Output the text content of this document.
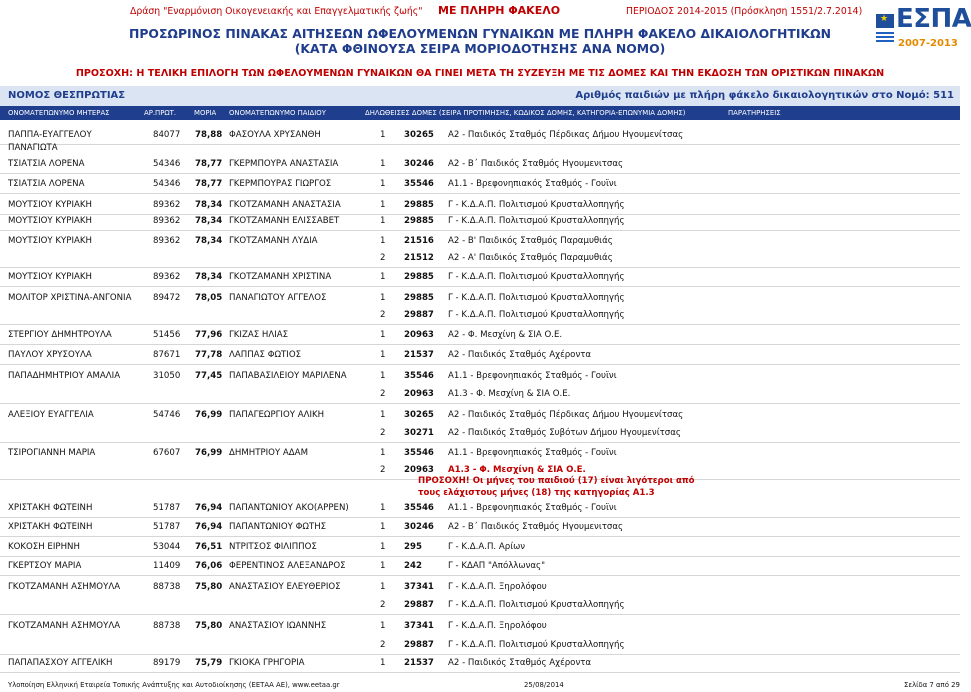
Δράση "Εναρμόνιση Οικογενειακής και Επαγγελματικής ζωής" ΜΕ ΠΛΗΡΗ ΦΑΚΕΛΟ	ΠΕΡΙΟΔΟΣ 2014-2015 (Πρόσκληση 1551/2.7.2014)
★ ΕΣΠΑ
2007-2013
ΠΡΟΣΩΡΙΝΟΣ ΠΙΝΑΚΑΣ ΑΙΤΗΣΕΩΝ ΩΦΕΛΟΥΜΕΝΩΝ ΓΥΝΑΙΚΩΝ ΜΕ ΠΛΗΡΗ ΦΑΚΕΛΟ ΔΙΚΑΙΟΛΟΓΗΤΙΚΩΝ
(ΚΑΤΑ ΦΘΙΝΟΥΣΑ ΣΕΙΡΑ ΜΟΡΙΟΔΟΤΗΣΗΣ ΑΝΑ ΝΟΜΟ)
ΠΡΟΣΟΧΗ: Η ΤΕΛΙΚΗ ΕΠΙΛΟΓΗ ΤΩΝ ΩΦΕΛΟΥΜΕΝΩΝ ΓΥΝΑΙΚΩΝ ΘΑ ΓΙΝΕΙ ΜΕΤΑ ΤΗ ΣΥΖΕΥΞΗ ΜΕ ΤΙΣ ΔΟΜΕΣ ΚΑΙ ΤΗΝ ΕΚΔΟΣΗ ΤΩΝ ΟΡΙΣΤΙΚΩΝ ΠΙΝΑΚΩΝ
ΝΟΜΟΣ ΘΕΣΠΡΩΤΙΑΣ	Αριθμός παιδιών με πλήρη φάκελο δικαιολογητικών στο Νομό: 511
ΟΝΟΜΑΤΕΠΩΝΥΜΟ ΜΗΤΕΡΑΣ	ΑΡ.ΠΡΩΤ.	ΜΟΡΙΑ ΟΝΟΜΑΤΕΠΩΝΥΜΟ ΠΑΙΔΙΟΥ	ΔΗΛΩΘΕΙΣΕΣ ΔΟΜΕΣ (ΣΕΙΡΑ ΠΡΟΤΙΜΗΣΗΣ, ΚΩΔΙΚΟΣ ΔΟΜΗΣ, ΚΑΤΗΓΟΡΙΑ-ΕΠΩΝΥΜΙΑ ΔΟΜΗΣ)	ΠΑΡΑΤΗΡΗΣΕΙΣ
ΠΑΠΠΑ-ΕΥΑΓΓΕΛΟΥ	84077 78,88 ΦΑΣΟΥΛΑ ΧΡΥΣΑΝΘΗ	1 30265 Α2 - Παιδικός Σταθμός Πέρδικας Δήμου Ηγουμενίτσας
ΠΑΝΑΓΙΩΤΑ
ΤΣΙΑΤΣΙΑ ΛΟΡΕΝΑ	54346 78,77 ΓΚΕΡΜΠΟΥΡΑ ΑΝΑΣΤΑΣΙΑ	1 30246 Α2 - Β΄ Παιδικός Σταθμός Ηγουμενιτσας
ΤΣΙΑΤΣΙΑ ΛΟΡΕΝΑ	54346 78,77 ΓΚΕΡΜΠΟΥΡΑΣ ΓΙΩΡΓΟΣ	1 35546 Α1.1 - Βρεφονηπιακός Σταθμός - Γουϊνι
ΜΟΥΤΣΙΟΥ ΚΥΡΙΑΚΗ	89362 78,34 ΓΚΟΤΖΑΜΑΝΗ ΑΝΑΣΤΑΣΙΑ	1 29885 Γ - Κ.Δ.Α.Π. Πολιτισμού Κρυσταλλοπηγής
ΜΟΥΤΣΙΟΥ ΚΥΡΙΑΚΗ	89362 78,34 ΓΚΟΤΖΑΜΑΝΗ ΕΛΙΣΣΑΒΕΤ	1 29885 Γ - Κ.Δ.Α.Π. Πολιτισμού Κρυσταλλοπηγής
ΜΟΥΤΣΙΟΥ ΚΥΡΙΑΚΗ	89362 78,34 ΓΚΟΤΖΑΜΑΝΗ ΛΥΔΙΑ	1 21516 Α2 - Β' Παιδικός Σταθμός Παραμυθιάς
2 21512 Α2 - Α' Παιδικός Σταθμός Παραμυθιάς
ΜΟΥΤΣΙΟΥ ΚΥΡΙΑΚΗ	89362 78,34 ΓΚΟΤΖΑΜΑΝΗ ΧΡΙΣΤΙΝΑ	1 29885 Γ - Κ.Δ.Α.Π. Πολιτισμού Κρυσταλλοπηγής
ΜΟΛΙΤΟΡ ΧΡΙΣΤΙΝΑ-ΑΝΓΟΝΙΑ	89472 78,05 ΠΑΝΑΓΙΩΤΟΥ ΑΓΓΕΛΟΣ	1 29885 Γ - Κ.Δ.Α.Π. Πολιτισμού Κρυσταλλοπηγής
2 29887 Γ - Κ.Δ.Α.Π. Πολιτισμού Κρυσταλλοπηγής
ΣΤΕΡΓΙΟΥ ΔΗΜΗΤΡΟΥΛΑ	51456 77,96 ΓΚΙΖΑΣ ΗΛΙΑΣ	1 20963 Α2 - Φ. Μεσχίνη & ΣΙΑ Ο.Ε.
ΠΑΥΛΟΥ ΧΡΥΣΟΥΛΑ	87671 77,78 ΛΑΠΠΑΣ ΦΩΤΙΟΣ	1 21537 Α2 - Παιδικός Σταθμός Αχέροντα
ΠΑΠΑΔΗΜΗΤΡΙΟΥ ΑΜΑΛΙΑ	31050 77,45 ΠΑΠΑΒΑΣΙΛΕΙΟΥ ΜΑΡΙΛΕΝΑ	1 35546 Α1.1 - Βρεφονηπιακός Σταθμός - Γουϊνι
2 20963 Α1.3 - Φ. Μεσχίνη & ΣΙΑ Ο.Ε.
ΑΛΕΞΙΟΥ ΕΥΑΓΓΕΛΙΑ	54746 76,99 ΠΑΠΑΓΕΩΡΓΙΟΥ ΑΛΙΚΗ	1 30265 Α2 - Παιδικός Σταθμός Πέρδικας Δήμου Ηγουμενίτσας
2 30271 Α2 - Παιδικός Σταθμός Συβότων Δήμου Ηγουμενίτσας
ΤΣΙΡΟΓΙΑΝΝΗ ΜΑΡΙΑ	67607 76,99 ΔΗΜΗΤΡΙΟΥ ΑΔΑΜ	1 35546 Α1.1 - Βρεφονηπιακός Σταθμός - Γουϊνι
2 20963 Α1.3 - Φ. Μεσχίνη & ΣΙΑ Ο.Ε.
ΧΡΙΣΤΑΚΗ ΦΩΤΕΙΝΗ	51787 76,94 ΠΑΠΑΝΤΩΝΙΟΥ ΑΚΟ(ΑΡΡΕΝ)	1 35546 Α1.1 - Βρεφονηπιακός Σταθμός - Γουϊνι
ΧΡΙΣΤΑΚΗ ΦΩΤΕΙΝΗ	51787 76,94 ΠΑΠΑΝΤΩΝΙΟΥ ΦΩΤΗΣ	1 30246 Α2 - Β΄ Παιδικός Σταθμός Ηγουμενιτσας
ΚΟΚΟΣΗ ΕΙΡΗΝΗ	53044 76,51 ΝΤΡΙΤΣΟΣ ΦΙΛΙΠΠΟΣ	1 295	Γ - Κ.Δ.Α.Π. Αρίων
ΓΚΕΡΤΣΟΥ ΜΑΡΙΑ	11409 76,06 ΦΕΡΕΝΤΙΝΟΣ ΑΛΕΞΑΝΔΡΟΣ	1 242	Γ - ΚΔΑΠ "Απόλλωνας"
ΓΚΟΤΖΑΜΑΝΗ ΑΣΗΜΟΥΛΑ	88738 75,80 ΑΝΑΣΤΑΣΙΟΥ ΕΛΕΥΘΕΡΙΟΣ	1 37341 Γ - Κ.Δ.Α.Π. Ξηρολόφου
2 29887 Γ - Κ.Δ.Α.Π. Πολιτισμού Κρυσταλλοπηγής
ΓΚΟΤΖΑΜΑΝΗ ΑΣΗΜΟΥΛΑ	88738 75,80 ΑΝΑΣΤΑΣΙΟΥ ΙΩΑΝΝΗΣ	1 37341 Γ - Κ.Δ.Α.Π. Ξηρολόφου
2 29887 Γ - Κ.Δ.Α.Π. Πολιτισμού Κρυσταλλοπηγής
ΠΑΠΑΠΑΣΧΟΥ ΑΓΓΕΛΙΚΗ	89179 75,79 ΓΚΙΟΚΑ ΓΡΗΓΟΡΙΑ	1 21537 Α2 - Παιδικός Σταθμός Αχέροντα
ΠΡΟΣΟΧΗ! Οι μήνες του παιδιού (17) είναι λιγότεροι από
τους ελάχιστους μήνες (18) της κατηγορίας Α1.3
Υλοποίηση Ελληνική Εταιρεία Τοπικής Ανάπτυξης και Αυτοδιοίκησης (ΕΕΤΑΑ ΑΕ), www.eetaa.gr	25/08/2014	Σελίδα 7 από 29
